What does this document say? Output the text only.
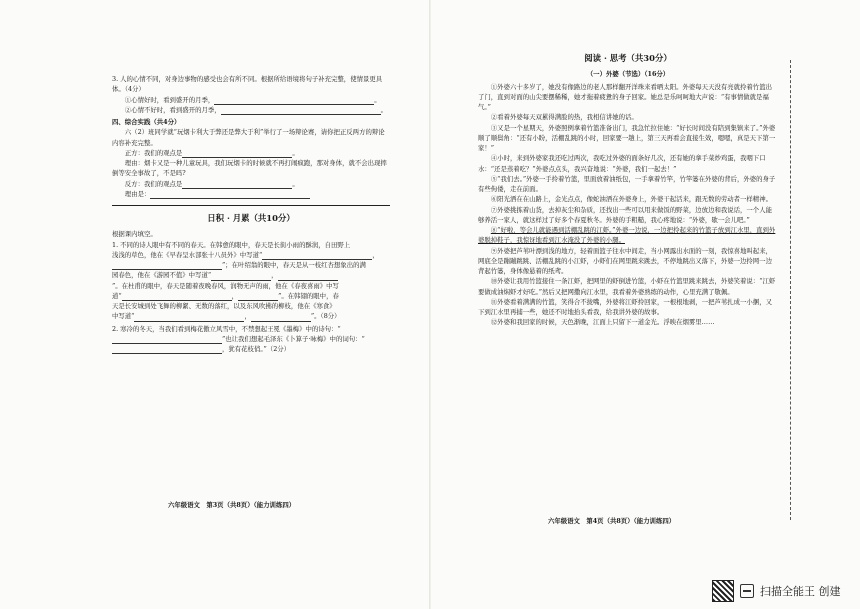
3. 人的心情不同，对身边事物的感受也会有所不同。根据所给语境将句子补充完整，使情景更具体。（4分）

①心情好时，看到盛开的月季，	。

②心情不好时，看到盛开的月季，	。

四、综合实践（共4分）

六（2）班同学就“玩烟卡利大于弊还是弊大于利”举行了一场辩论赛，请你把正反两方的辩论内容补充完整。

正方：我们的观点是	。

理由：烟卡又是一种儿童玩具，我们玩烟卡的时候就不再打闹疯跑，那对身体，就不会出现摔倒等安全事故了，不是吗?

反方：我们的观点是	。

理由是：

日积 · 月累（共10分）

根据课内填空。

1. 不同的诗人眼中有不同的春天。在韩愈的眼中，春天是长街小雨的酥润，自田野上

浅浅的草色，他在《早春呈水部张十八员外》中写道“	，

”；在叶绍翁的眼中，春天是从一枝红杏想象出的满

园春色，他在《游园不值》中写道“	，

”。在杜甫的眼中，春天是随着夜晚春风，润物无声的雨，他在《春夜喜雨》中写

道“	，	”。在韩翃的眼中，春

天是长安城到处飞舞的柳絮、无数的落红，以及东风吹拂的柳枝，他在《寒食》

中写道“	，	”。（8分）

2. 寒冷的冬天，当我们看到梅花傲立风雪中，不禁想起王冕《墨梅》中的诗句：“

”也让我们想起毛泽东《卜算子·咏梅》中的词句：“

，犹有花枝俏。”（2分）

六年级语文　第3页（共8页）（能力训练四）

阅读 · 思考（共30分）

（一）外婆（节选）（16分）

①外婆六十多岁了，她没有像路边的老人那样翻开洋珠来看晒太阳。外婆每天天没有亮就拎着竹篮出了门，直到对面的山尖要摆稀稀，她才拖着疲惫的身子回家。她总是乐呵呵地大声说：“有事情做就是福气。”

②看着外婆每天双累得满脸的热，我相信讲她的话。

③又是一个星期天，外婆照例拿着竹篮准备出门，我急忙拉住她：“好长时间没有陪到集镇来了。”外婆顺了顺鬓角：“还有小盼，活棚乱跳的小时，回家要一趟上，第三天再看会直接生效，嗯嗯，真是天下第一家！”

④小时，来到外婆家我还吃过两次，我吃过外婆的面条好几次，还有她的拿手菜炒鸡蛋，我咽下口水：“还是蒸着吃？”外婆点点头，我兴奋地说：“外婆，我们一起去！”

⑤“我们去。”外婆一手拎着竹篮，里面放着油纸包，一手拿着竹竿，竹竿篓在外婆的背后，外婆的身子有些佝偻，走在前面。

⑥阳光洒在在山路上，金光点点，像蛇油洒在外婆身上，外婆干起活来，跟无数的劳动者一样精神。

⑦外婆挑拣着山货，去掉灰尘和杂质，还找出一些可以用来做饭的野菜，边放边和我说话，一个人能够养活一家人，就这样过了好多个春夏秋冬。外婆的手粗糙，我心疼地说：“外婆，歇一会儿吧。”

⑧“好啦，等会儿就能遇到活棚乱跳的江虾。”外婆一边说，一边把拎起来的竹篮子放到江水里，直到外婆脱掉鞋子，我惊讶地看到江水淹没了外婆的小腿。

⑨外婆把芦苇叶漂到浅的地方，轻着面篮子往水中间走，当小网露出水面的一刻，我惊喜地叫起来，网底全是蹦蹦跳跳、活棚乱跳的小江虾，小虾们在网里跳来跳去，不停地跳出又落下，外婆一边拎网一边背起竹篓，身体像悬着的纸鸢。

⑩外婆让我用竹篮接住一条江虾，把网里的虾倒进竹篮，小虾在竹篮里跳来跳去，外婆笑着说：“江虾要做成油焖虾才好吃。”然后又把网撒向江水里，我看着外婆熟练的动作，心里充满了敬佩。

⑪外婆看着满满的竹篮，笑得合不拢嘴，外婆将江虾拎回家，一根根地剥，一把芦苇扎成一小捆，又下到江水里再捕一些，她还不时地抬头看我，给我讲外婆的故事。

⑫外婆和我回家的时候，天色渐晚，江面上只留下一道金光。浮映在烟雾里……

六年级语文　第4页（共8页）（能力训练四）
扫描全能王 创建
